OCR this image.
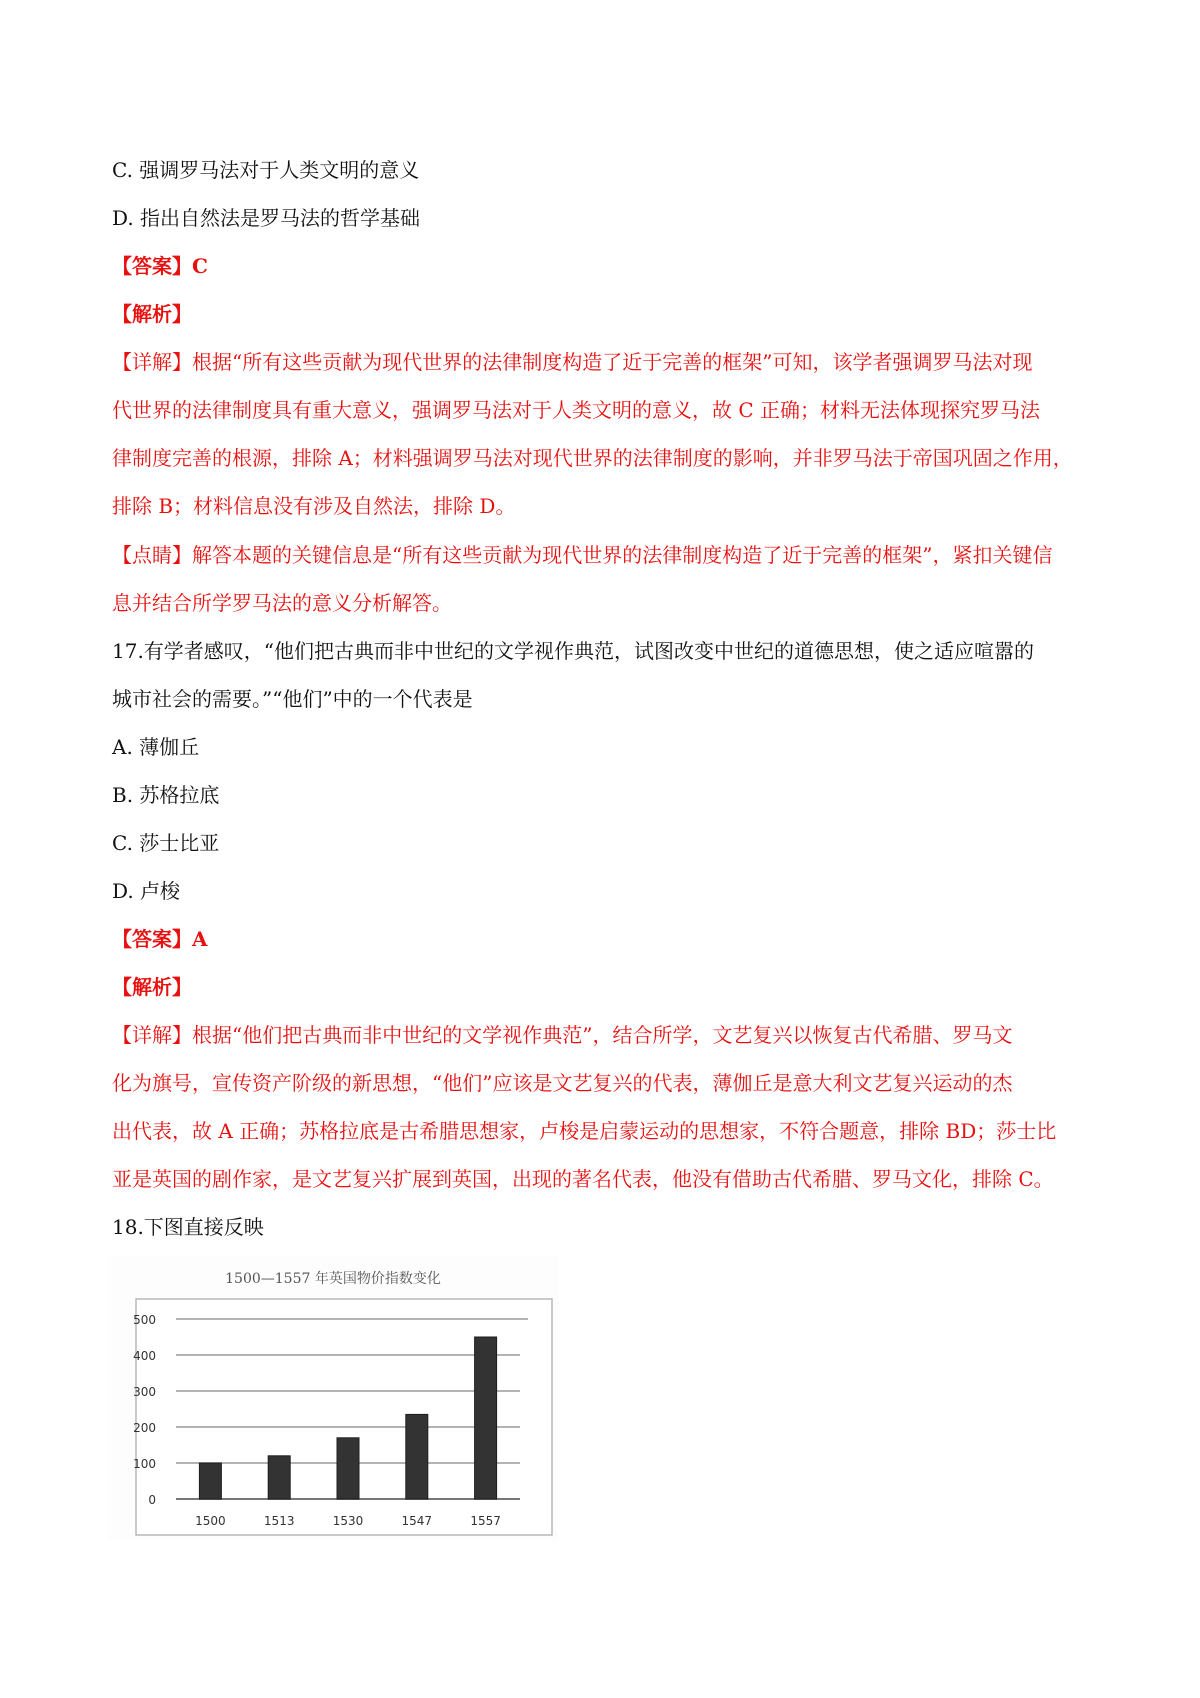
C. 强调罗马法对于人类文明的意义
D. 指出自然法是罗马法的哲学基础
【答案】C
【解析】
【详解】根据“所有这些贡献为现代世界的法律制度构造了近于完善的框架”可知，该学者强调罗马法对现
代世界的法律制度具有重大意义，强调罗马法对于人类文明的意义，故 C 正确；材料无法体现探究罗马法
律制度完善的根源，排除 A；材料强调罗马法对现代世界的法律制度的影响，并非罗马法于帝国巩固之作用，
排除 B；材料信息没有涉及自然法，排除 D。
【点睛】解答本题的关键信息是“所有这些贡献为现代世界的法律制度构造了近于完善的框架”，紧扣关键信
息并结合所学罗马法的意义分析解答。
17.有学者感叹，“他们把古典而非中世纪的文学视作典范，试图改变中世纪的道德思想，使之适应喧嚣的
城市社会的需要。”“他们”中的一个代表是
A. 薄伽丘
B. 苏格拉底
C. 莎士比亚
D. 卢梭
【答案】A
【解析】
【详解】根据“他们把古典而非中世纪的文学视作典范”，结合所学，文艺复兴以恢复古代希腊、罗马文
化为旗号，宣传资产阶级的新思想，“他们”应该是文艺复兴的代表，薄伽丘是意大利文艺复兴运动的杰
出代表，故 A 正确；苏格拉底是古希腊思想家，卢梭是启蒙运动的思想家，不符合题意，排除 BD；莎士比
亚是英国的剧作家，是文艺复兴扩展到英国，出现的著名代表，他没有借助古代希腊、罗马文化，排除 C。
18.下图直接反映
1500—1557 年英国物价指数变化
0
100
200
300
400
500
1500	1513	1530	1547	1557
